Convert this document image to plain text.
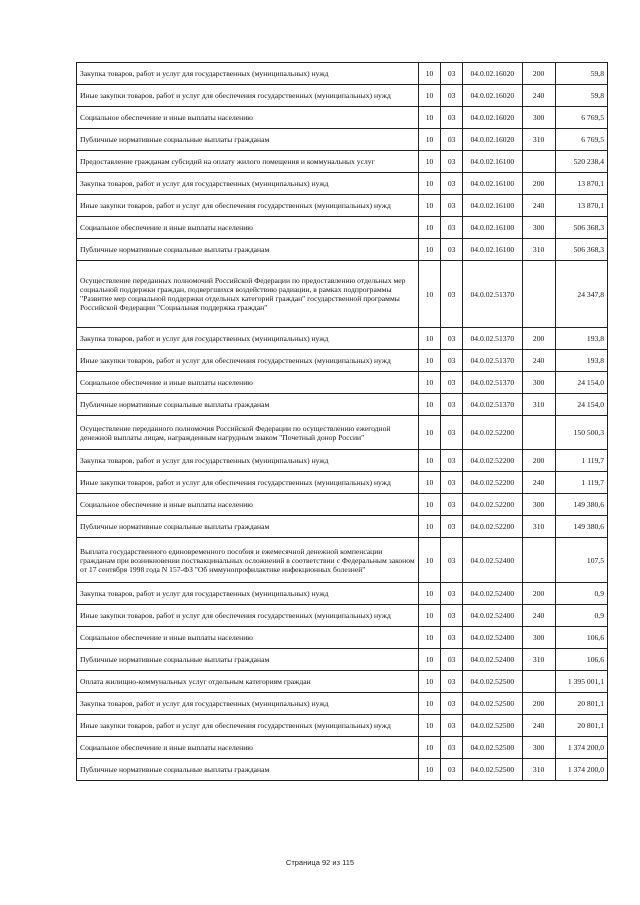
Закупка товаров, работ и услуг для государственных (муниципальных) нужд	10	03	04.0.02.16020	200	59,8
Иные закупки товаров, работ и услуг для обеспечения государственных (муниципальных) нужд	10	03	04.0.02.16020	240	59,8
Социальное обеспечение и иные выплаты населению	10	03	04.0.02.16020	300	6 769,5
Публичные нормативные социальные выплаты гражданам	10	03	04.0.02.16020	310	6 769,5
Предоставление гражданам субсидий на оплату жилого помещения и коммунальных услуг	10	03	04.0.02.16100		520 238,4
Закупка товаров, работ и услуг для государственных (муниципальных) нужд	10	03	04.0.02.16100	200	13 870,1
Иные закупки товаров, работ и услуг для обеспечения государственных (муниципальных) нужд	10	03	04.0.02.16100	240	13 870,1
Социальное обеспечение и иные выплаты населению	10	03	04.0.02.16100	300	506 368,3
Публичные нормативные социальные выплаты гражданам	10	03	04.0.02.16100	310	506 368,3
Осуществление переданных полномочий Российской Федерации по предоставлению отдельных мер социальной поддержки граждан, подвергшихся воздействию радиации, в рамках подпрограммы "Развитие мер социальной поддержки отдельных категорий граждан" государственной программы Российской Федерации "Социальная поддержка граждан"	10	03	04.0.02.51370		24 347,8
Закупка товаров, работ и услуг для государственных (муниципальных) нужд	10	03	04.0.02.51370	200	193,8
Иные закупки товаров, работ и услуг для обеспечения государственных (муниципальных) нужд	10	03	04.0.02.51370	240	193,8
Социальное обеспечение и иные выплаты населению	10	03	04.0.02.51370	300	24 154,0
Публичные нормативные социальные выплаты гражданам	10	03	04.0.02.51370	310	24 154,0
Осуществление переданного полномочия Российской Федерации по осуществлению ежегодной денежной выплаты лицам, награжденным нагрудным знаком "Почетный донор России"	10	03	04.0.02.52200		150 500,3
Закупка товаров, работ и услуг для государственных (муниципальных) нужд	10	03	04.0.02.52200	200	1 119,7
Иные закупки товаров, работ и услуг для обеспечения государственных (муниципальных) нужд	10	03	04.0.02.52200	240	1 119,7
Социальное обеспечение и иные выплаты населению	10	03	04.0.02.52200	300	149 380,6
Публичные нормативные социальные выплаты гражданам	10	03	04.0.02.52200	310	149 380,6
Выплата государственного единовременного пособия и ежемесячной денежной компенсации гражданам при возникновении поствакцинальных осложнений в соответствии с Федеральным законом от 17 сентября 1998 года N 157-ФЗ "Об иммунопрофилактике инфекционных болезней"	10	03	04.0.02.52400		107,5
Закупка товаров, работ и услуг для государственных (муниципальных) нужд	10	03	04.0.02.52400	200	0,9
Иные закупки товаров, работ и услуг для обеспечения государственных (муниципальных) нужд	10	03	04.0.02.52400	240	0,9
Социальное обеспечение и иные выплаты населению	10	03	04.0.02.52400	300	106,6
Публичные нормативные социальные выплаты гражданам	10	03	04.0.02.52400	310	106,6
Оплата жилищно-коммунальных услуг отдельным категориям граждан	10	03	04.0.02.52500		1 395 001,1
Закупка товаров, работ и услуг для государственных (муниципальных) нужд	10	03	04.0.02.52500	200	20 801,1
Иные закупки товаров, работ и услуг для обеспечения государственных (муниципальных) нужд	10	03	04.0.02.52500	240	20 801,1
Социальное обеспечение и иные выплаты населению	10	03	04.0.02.52500	300	1 374 200,0
Публичные нормативные социальные выплаты гражданам	10	03	04.0.02.52500	310	1 374 200,0
Страница 92 из 115
